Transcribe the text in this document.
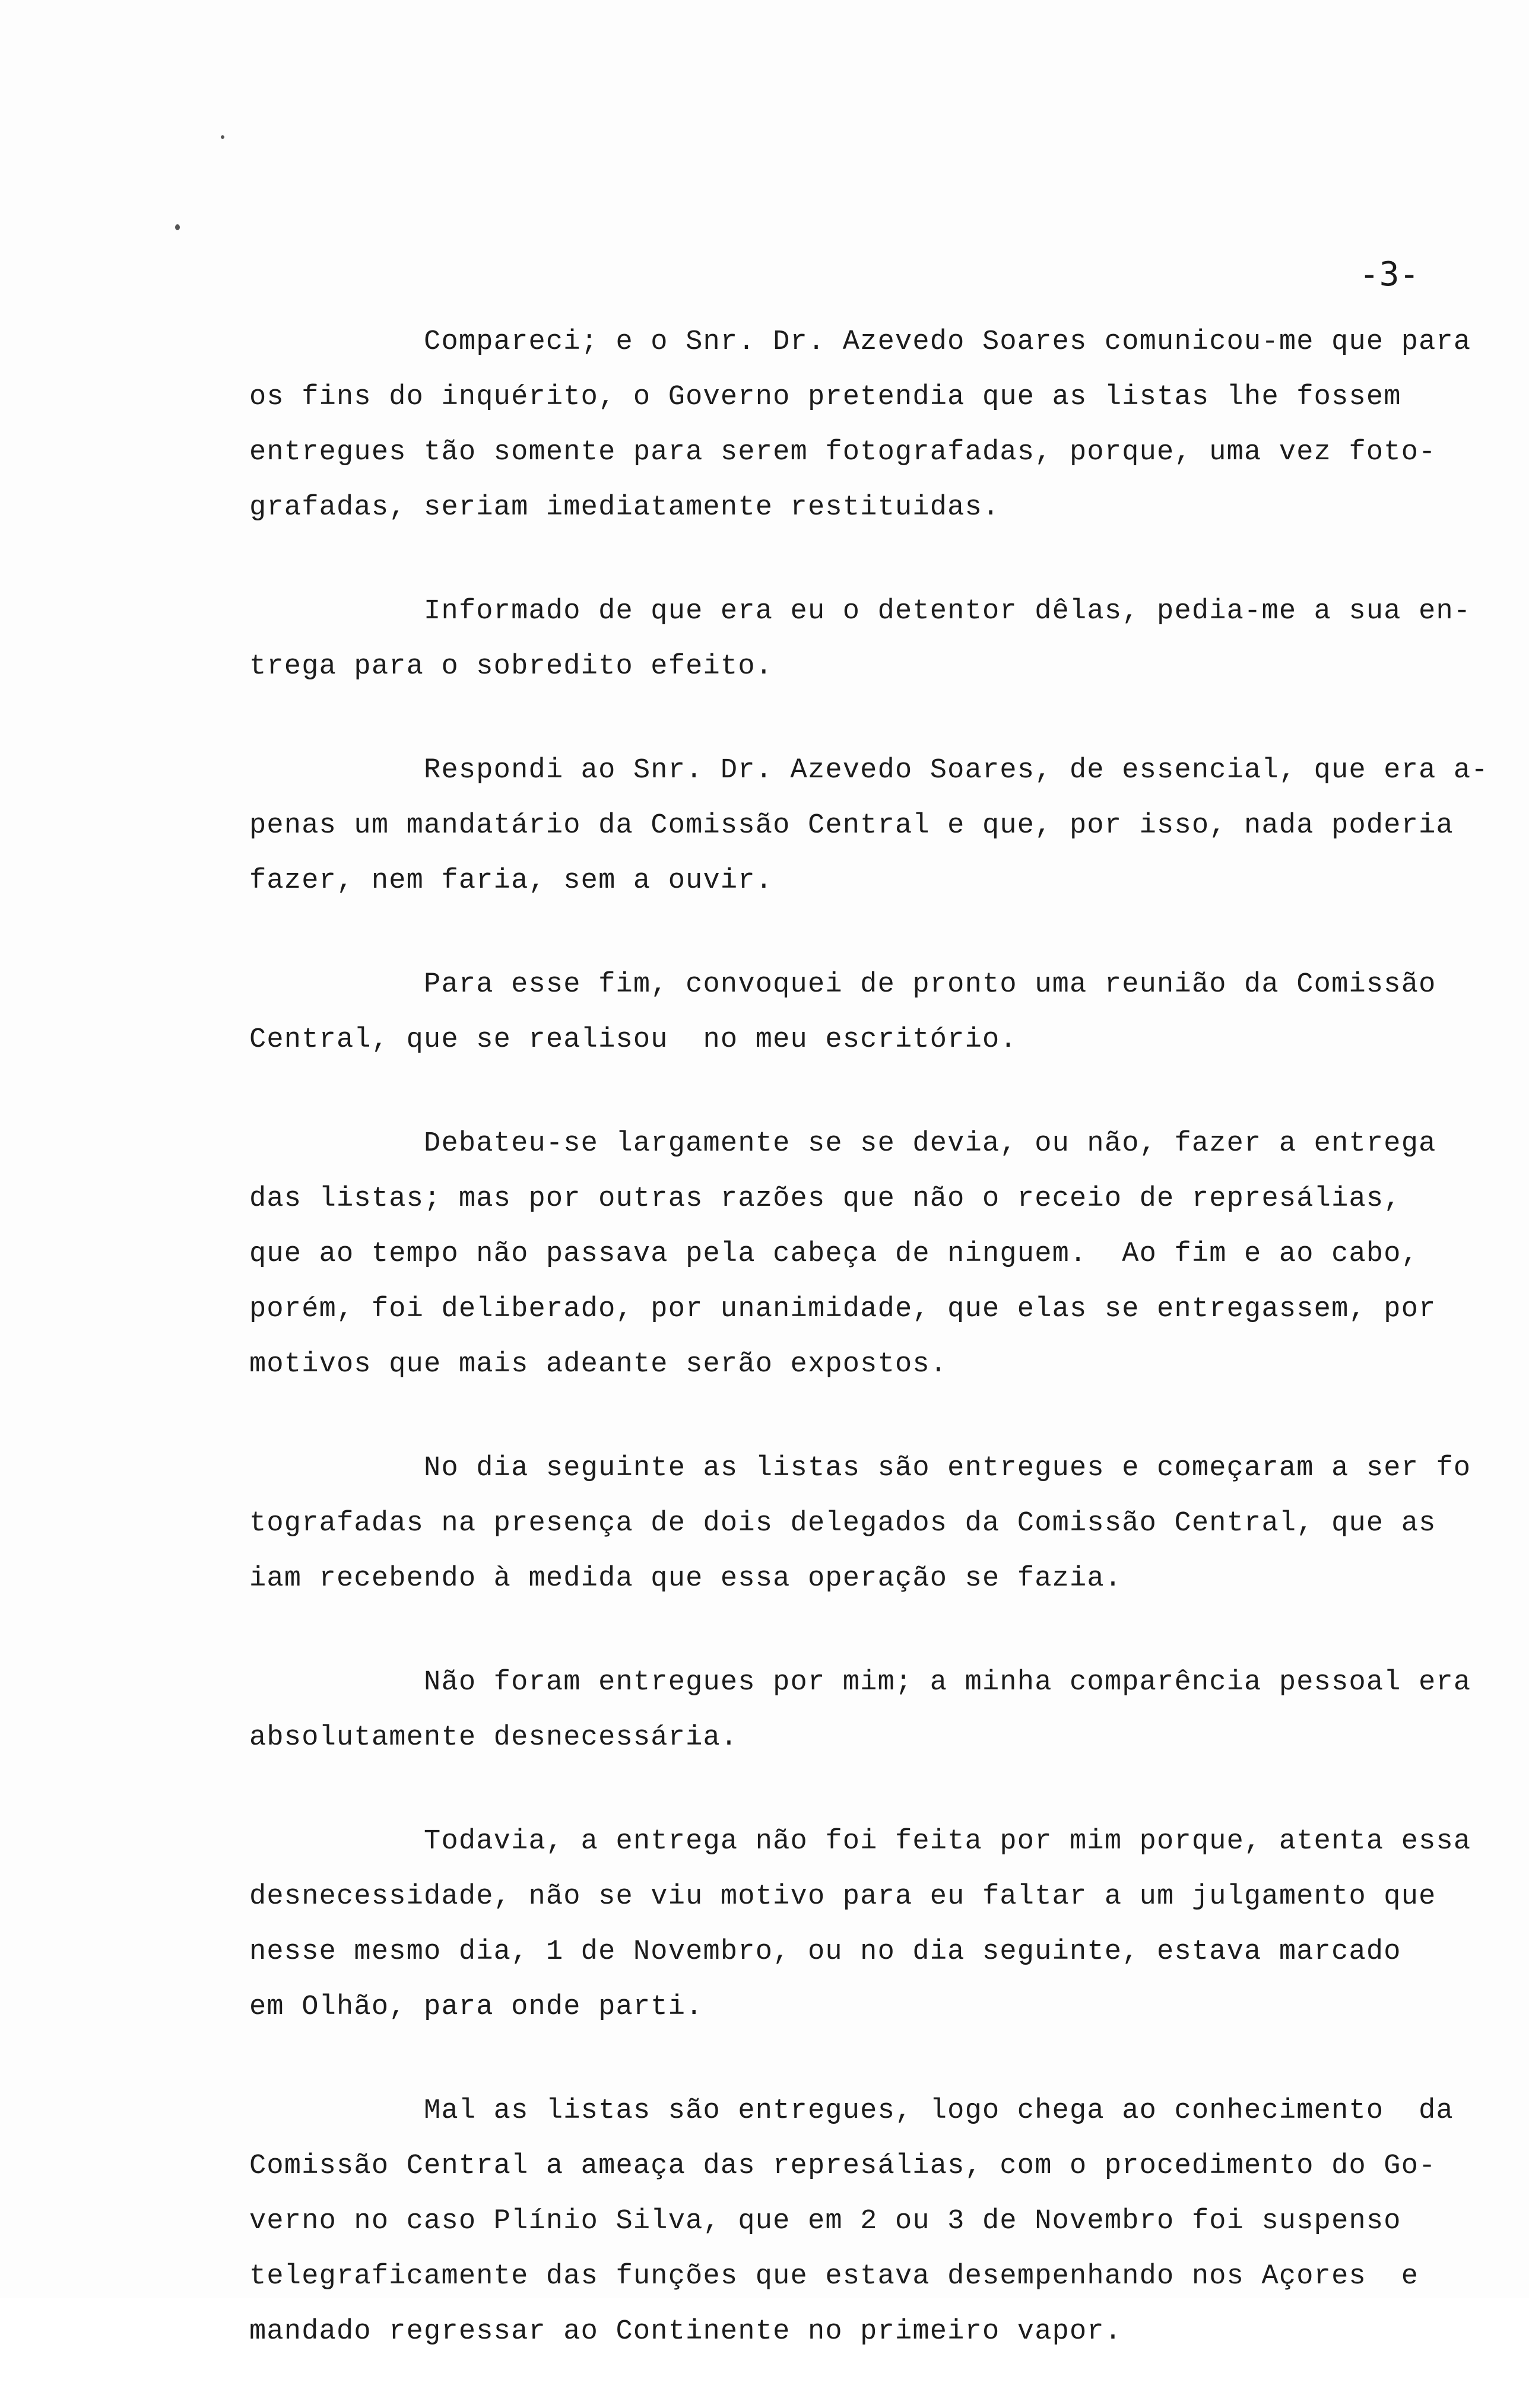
-3-

Compareci; e o Snr. Dr. Azevedo Soares comunicou-me que para
os fins do inquérito, o Governo pretendia que as listas lhe fossem
entregues tão somente para serem fotografadas, porque, uma vez foto-
grafadas, seriam imediatamente restituidas.
Informado de que era eu o detentor dêlas, pedia-me a sua en-
trega para o sobredito efeito.
Respondi ao Snr. Dr. Azevedo Soares, de essencial, que era a-
penas um mandatário da Comissão Central e que, por isso, nada poderia
fazer, nem faria, sem a ouvir.
Para esse fim, convoquei de pronto uma reunião da Comissão
Central, que se realisou  no meu escritório.
Debateu-se largamente se se devia, ou não, fazer a entrega
das listas; mas por outras razões que não o receio de represálias,
que ao tempo não passava pela cabeça de ninguem.  Ao fim e ao cabo,
porém, foi deliberado, por unanimidade, que elas se entregassem, por
motivos que mais adeante serão expostos.
No dia seguinte as listas são entregues e começaram a ser fo
tografadas na presença de dois delegados da Comissão Central, que as
iam recebendo à medida que essa operação se fazia.
Não foram entregues por mim; a minha comparência pessoal era
absolutamente desnecessária.
Todavia, a entrega não foi feita por mim porque, atenta essa
desnecessidade, não se viu motivo para eu faltar a um julgamento que
nesse mesmo dia, 1 de Novembro, ou no dia seguinte, estava marcado
em Olhão, para onde parti.
Mal as listas são entregues, logo chega ao conhecimento  da
Comissão Central a ameaça das represálias, com o procedimento do Go-
verno no caso Plínio Silva, que em 2 ou 3 de Novembro foi suspenso
telegraficamente das funções que estava desempenhando nos Açores  e
mandado regressar ao Continente no primeiro vapor.
